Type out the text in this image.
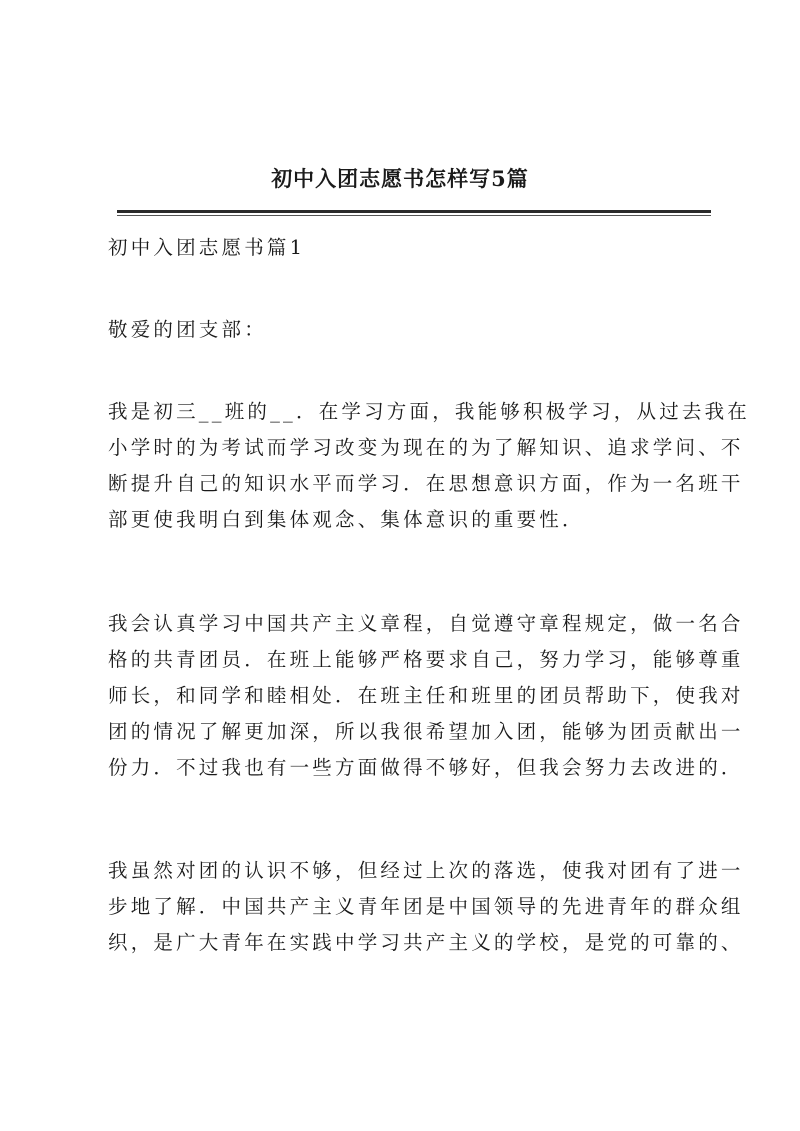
初中入团志愿书怎样写5篇
初中入团志愿书篇1
敬爱的团支部：
我是初三__班的__．在学习方面，我能够积极学习，从过去我在
小学时的为考试而学习改变为现在的为了解知识、追求学问、不
断提升自己的知识水平而学习．在思想意识方面，作为一名班干
部更使我明白到集体观念、集体意识的重要性．
我会认真学习中国共产主义章程，自觉遵守章程规定，做一名合
格的共青团员．在班上能够严格要求自己，努力学习，能够尊重
师长，和同学和睦相处．在班主任和班里的团员帮助下，使我对
团的情况了解更加深，所以我很希望加入团，能够为团贡献出一
份力．不过我也有一些方面做得不够好，但我会努力去改进的．
我虽然对团的认识不够，但经过上次的落选，使我对团有了进一
步地了解．中国共产主义青年团是中国领导的先进青年的群众组
织，是广大青年在实践中学习共产主义的学校，是党的可靠的、
